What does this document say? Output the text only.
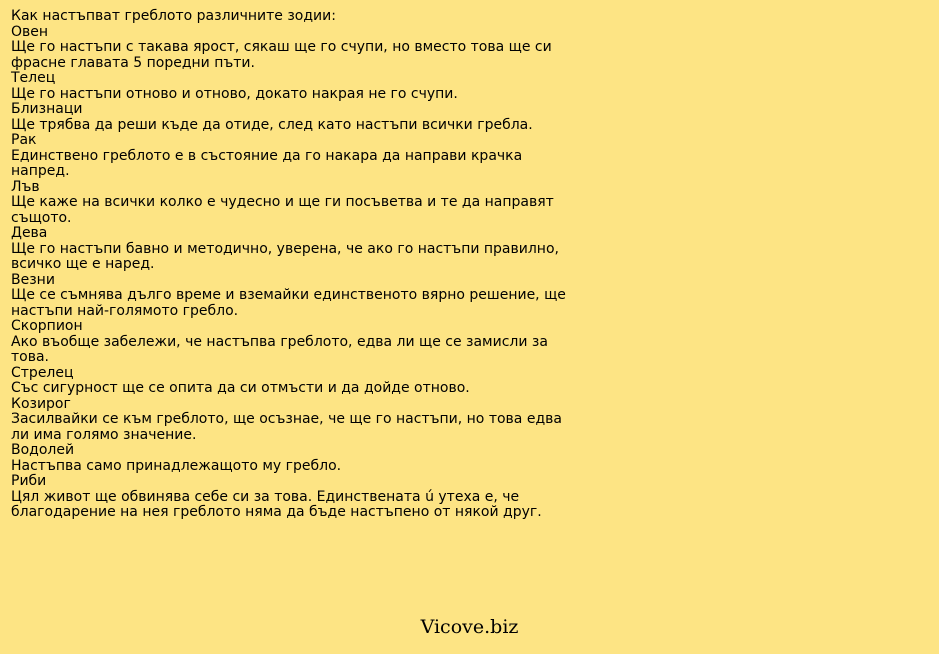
Как настъпват греблото различните зодии:
Овен
Ще го настъпи с такава ярост, сякаш ще го счупи, но вместо това ще си фрасне главата 5 поредни пъти.
Телец
Ще го настъпи отново и отново, докато накрая не го счупи.
Близнаци
Ще трябва да реши къде да отиде, след като настъпи всички гребла.
Рак
Единствено греблото е в състояние да го накара да направи крачка напред.
Лъв
Ще каже на всички колко е чудесно и ще ги посъветва и те да направят същото.
Дева
Ще го настъпи бавно и методично, уверена, че ако го настъпи правилно, всичко ще е наред.
Везни
Ще се съмнява дълго време и вземайки единственото вярно решение, ще настъпи най-голямото гребло.
Скорпион
Ако въобще забележи, че настъпва греблото, едва ли ще се замисли за това.
Стрелец
Със сигурност ще се опита да си отмъсти и да дойде отново.
Козирог
Засилвайки се към греблото, ще осъзнае, че ще го настъпи, но това едва ли има голямо значение.
Водолей
Настъпва само принадлежащото му гребло.
Риби
Цял живот ще обвинява себе си за това. Единствената ú утеха е, че благодарение на нея греблото няма да бъде настъпено от някой друг.
Vicove.biz
